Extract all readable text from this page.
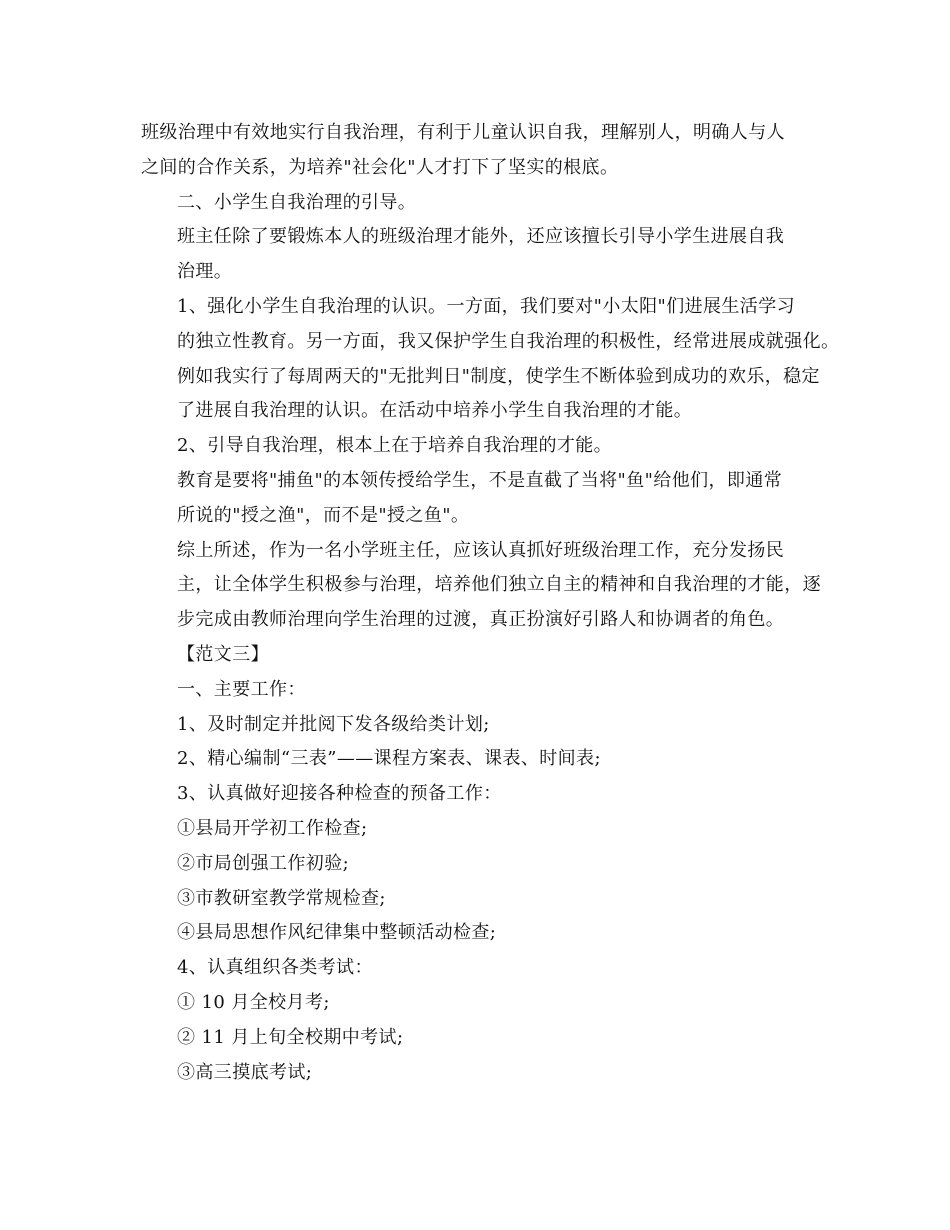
班级治理中有效地实行自我治理，有利于儿童认识自我，理解别人，明确人与人
之间的合作关系，为培养"社会化"人才打下了坚实的根底。

二、小学生自我治理的引导。

班主任除了要锻炼本人的班级治理才能外，还应该擅长引导小学生进展自我
治理。

1、强化小学生自我治理的认识。一方面，我们要对"小太阳"们进展生活学习
的独立性教育。另一方面，我又保护学生自我治理的积极性，经常进展成就强化。
例如我实行了每周两天的"无批判日"制度，使学生不断体验到成功的欢乐，稳定
了进展自我治理的认识。在活动中培养小学生自我治理的才能。

2、引导自我治理，根本上在于培养自我治理的才能。

教育是要将"捕鱼"的本领传授给学生，不是直截了当将"鱼"给他们，即通常
所说的"授之渔"，而不是"授之鱼"。

综上所述，作为一名小学班主任，应该认真抓好班级治理工作，充分发扬民
主，让全体学生积极参与治理，培养他们独立自主的精神和自我治理的才能，逐
步完成由教师治理向学生治理的过渡，真正扮演好引路人和协调者的角色。

【范文三】

一、主要工作：

1、及时制定并批阅下发各级给类计划;

2、精心编制“三表”——课程方案表、课表、时间表;

3、认真做好迎接各种检查的预备工作：

①县局开学初工作检查;

②市局创强工作初验;

③市教研室教学常规检查;

④县局思想作风纪律集中整顿活动检查;

4、认真组织各类考试：

① 10 月全校月考;

② 11 月上旬全校期中考试;

③高三摸底考试;
